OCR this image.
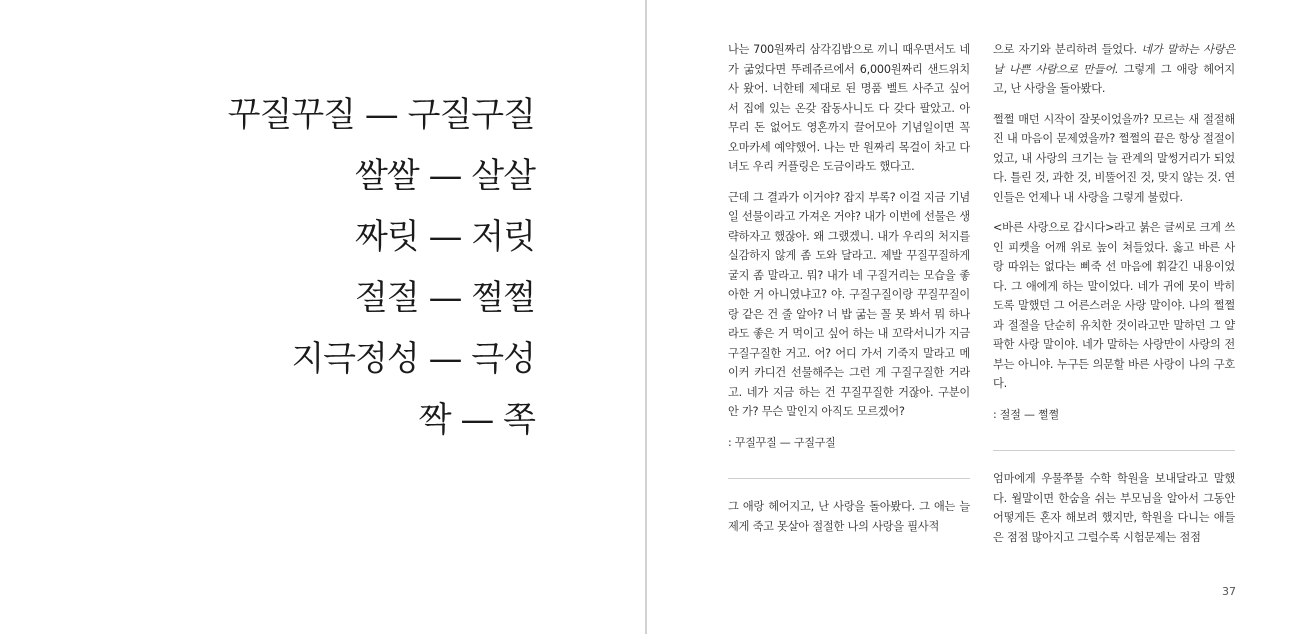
꾸질꾸질 — 구질구질
쌀쌀 — 살살
짜릿 — 저릿
절절 — 쩔쩔
지극정성 — 극성
짝 — 쪽

나는 700원짜리 삼각김밥으로 끼니 때우면서도 네가 굶었다면 뚜레쥬르에서 6,000원짜리 샌드위치 사 왔어. 너한테 제대로 된 명품 벨트 사주고 싶어서 집에 있는 온갖 잡동사니도 다 갖다 팔았고. 아무리 돈 없어도 영혼까지 끌어모아 기념일이면 꼭 오마카세 예약했어. 나는 만 원짜리 목걸이 차고 다녀도 우리 커플링은 도금이라도 했다고.

근데 그 결과가 이거야? 잡지 부록? 이걸 지금 기념일 선물이라고 가져온 거야? 내가 이번에 선물은 생략하자고 했잖아. 왜 그랬겠니. 내가 우리의 처지를 실감하지 않게 좀 도와 달라고. 제발 꾸질꾸질하게 굴지 좀 말라고. 뭐? 내가 네 구질거리는 모습을 좋아한 거 아니였냐고? 야. 구질구질이랑 꾸질꾸질이랑 같은 건 줄 알아? 너 밥 굶는 꼴 못 봐서 뭐 하나라도 좋은 거 먹이고 싶어 하는 내 꼬락서니가 지금 구질구질한 거고. 어? 어디 가서 기죽지 말라고 메이커 카디건 선물해주는 그런 게 구질구질한 거라고. 네가 지금 하는 건 꾸질꾸질한 거잖아. 구분이 안 가? 무슨 말인지 아직도 모르겠어?

: 꾸질꾸질 — 구질구질

그 애랑 헤어지고, 난 사랑을 돌아봤다. 그 애는 늘 제게 죽고 못살아 절절한 나의 사랑을 필사적

으로 자기와 분리하려 들었다. 네가 말하는 사랑은 날 나쁜 사람으로 만들어. 그렇게 그 애랑 헤어지고, 난 사랑을 돌아봤다.

쩔쩔 매던 시작이 잘못이었을까? 모르는 새 절절해진 내 마음이 문제였을까? 쩔쩔의 끝은 항상 절절이었고, 내 사랑의 크기는 늘 관계의 말썽거리가 되었다. 틀린 것, 과한 것, 비뚤어진 것, 맞지 않는 것. 연인들은 언제나 내 사랑을 그렇게 불렀다.

<바른 사랑으로 갑시다>라고 붉은 글씨로 크게 쓰인 피켓을 어깨 위로 높이 쳐들었다. 옳고 바른 사랑 따위는 없다는 삐죽 선 마음에 휘갈긴 내용이었다. 그 애에게 하는 말이었다. 네가 귀에 못이 박히도록 말했던 그 어른스러운 사랑 말이야. 나의 쩔쩔과 절절을 단순히 유치한 것이라고만 말하던 그 얄팍한 사랑 말이야. 네가 말하는 사랑만이 사랑의 전부는 아니야. 누구든 의문할 바른 사랑이 나의 구호다.

: 절절 — 쩔쩔

엄마에게 우물쭈물 수학 학원을 보내달라고 말했다. 월말이면 한숨을 쉬는 부모님을 알아서 그동안 어떻게든 혼자 해보려 했지만, 학원을 다니는 애들은 점점 많아지고 그럴수록 시험문제는 점점

37
